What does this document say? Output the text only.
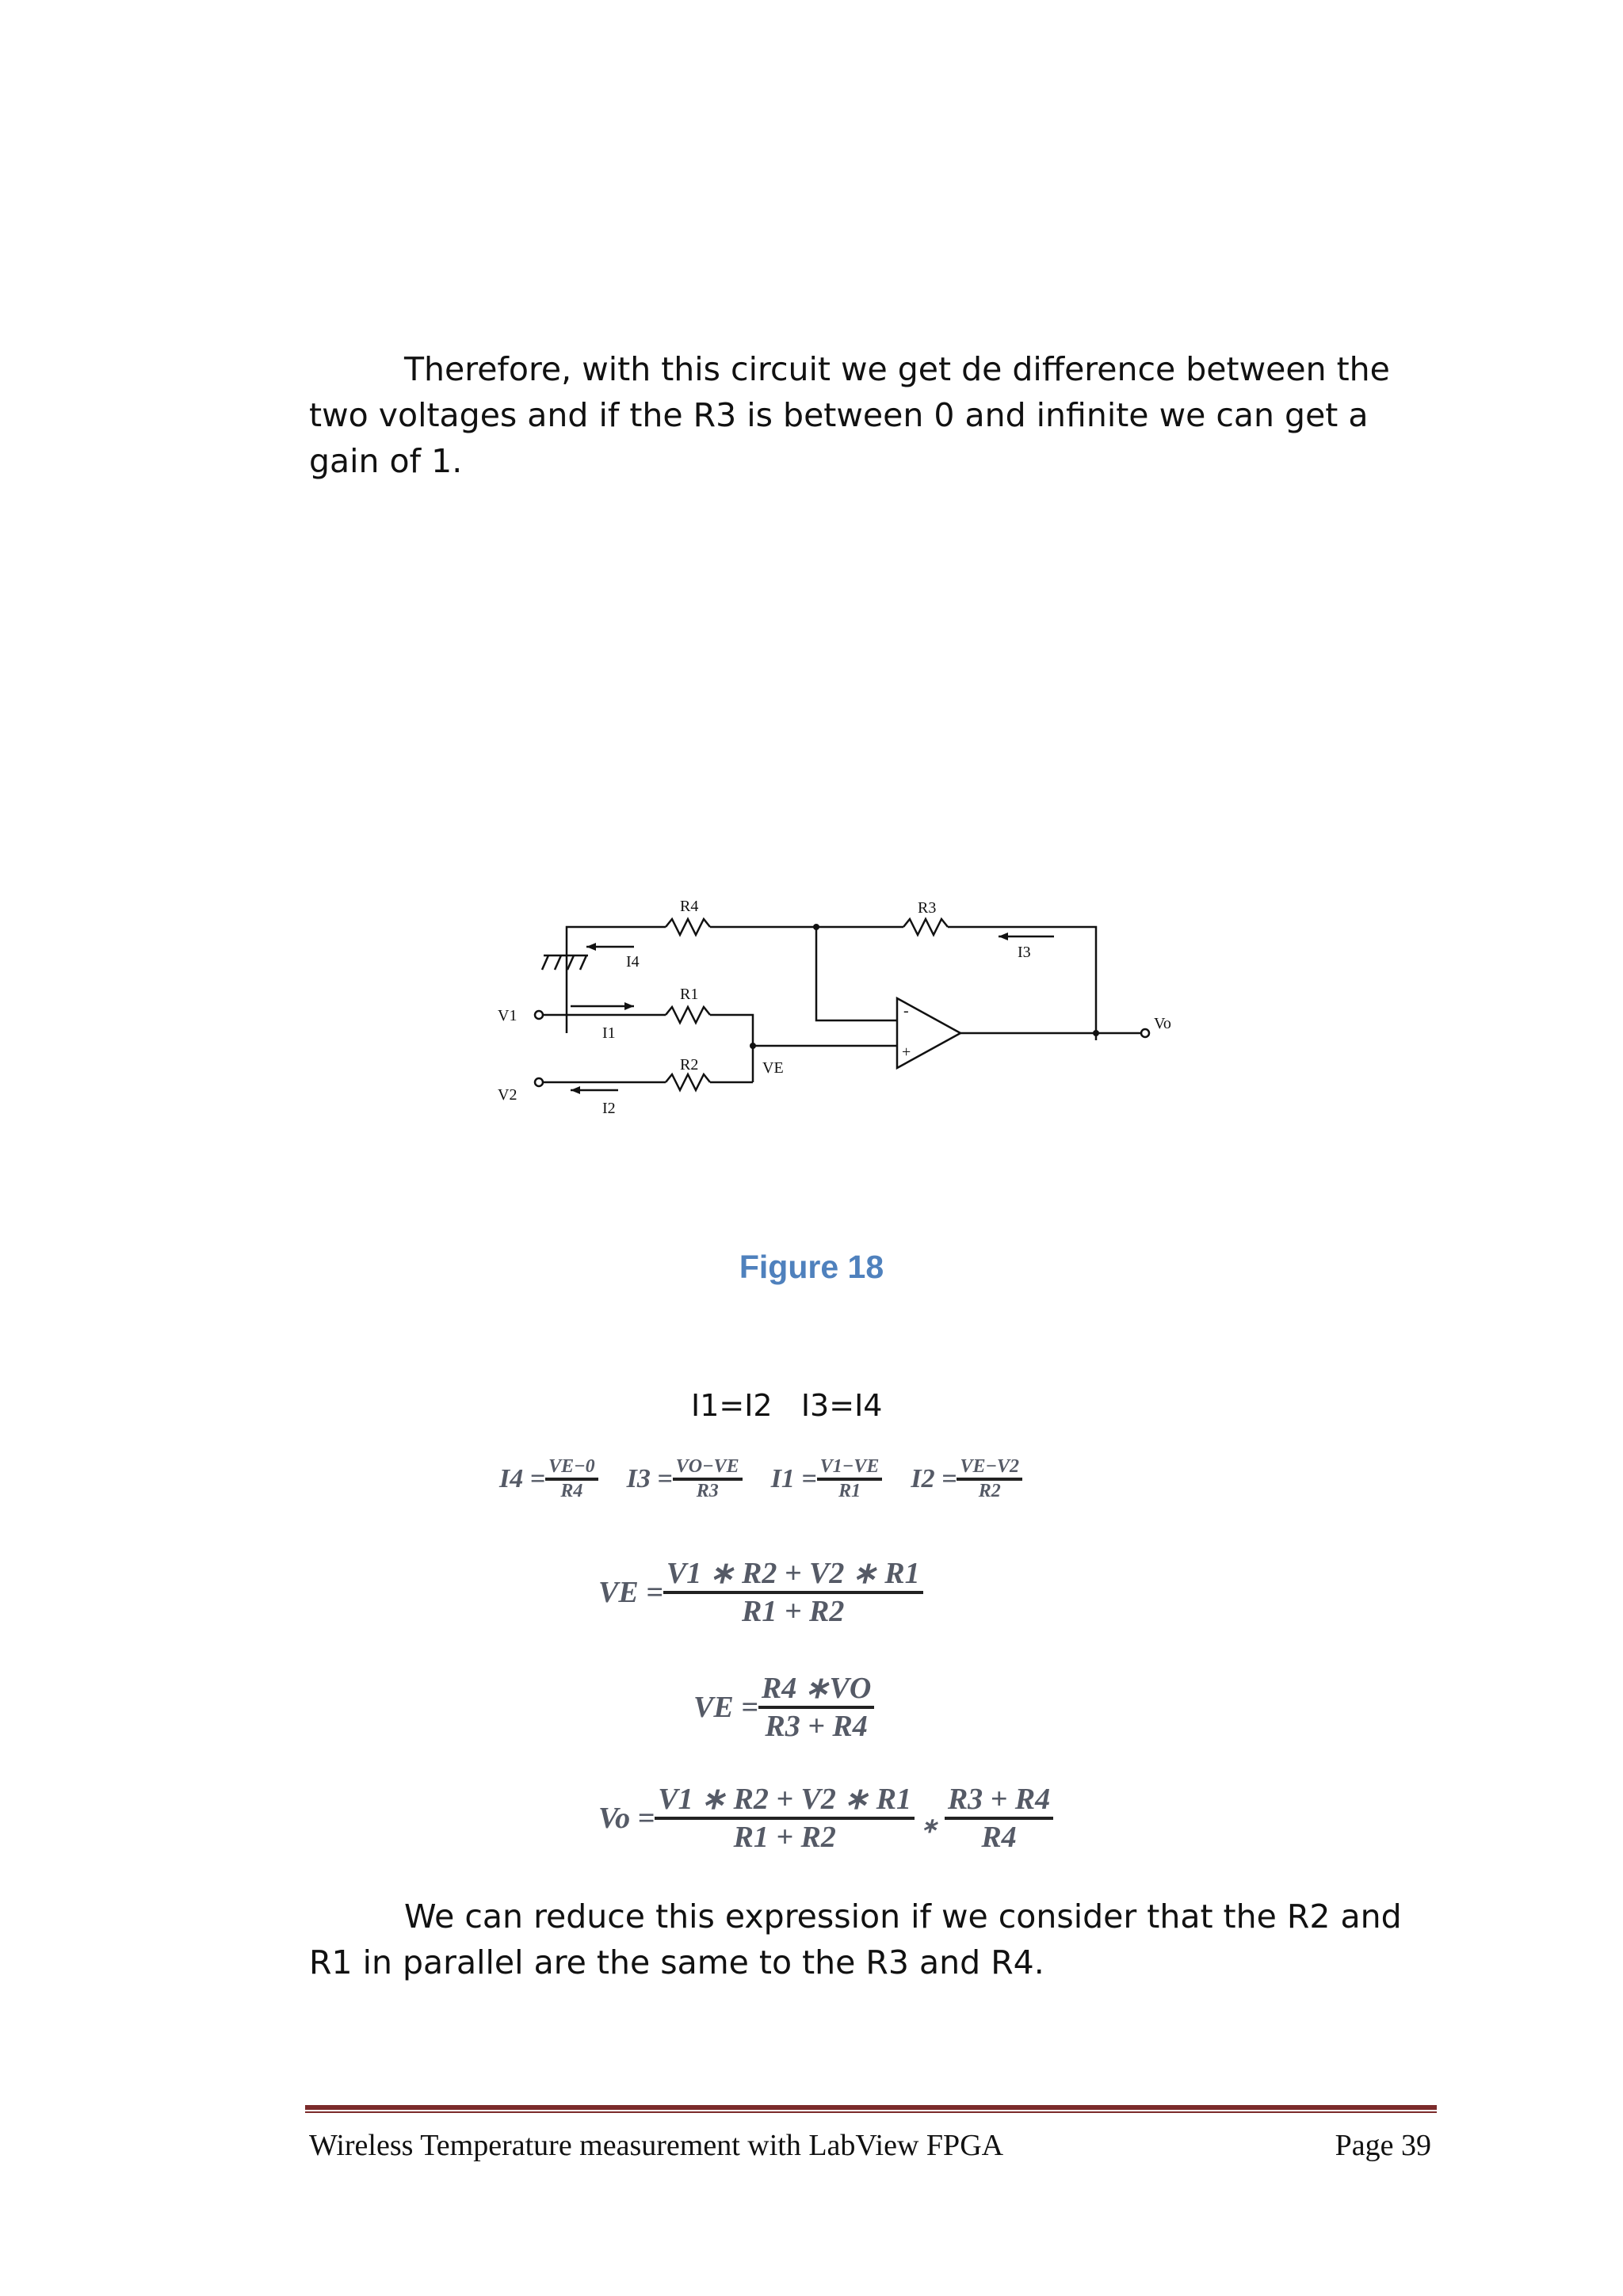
Therefore, with this circuit we get de difference between the two voltages and if the R3 is between 0 and infinite we can get a gain of 1.

R4	R3
R1
R2
I4
I3
I1
I2
V1
V2
VE
Vo
-
+
Figure 18
I1=I2   I3=I4
$I4 = \frac{VE-0}{R4} I3 = \frac{VO-VE}{R3} I1 = \frac{V1-VE}{R1} I2 = \frac{VE-V2}{R2}$
VE = $\frac{V1 ∗ R2 + V2 ∗ R1}{R1 + R2}$
VE = $\frac{R4 ∗VO}{R3 + R4}$
$Vo = \frac{V1 ∗ R2 + V2 ∗ R1}{R1 + R2}$ ∗ $\frac{R3 + R4}{R4}$

We can reduce this expression if we consider that the R2 and R1 in parallel are the same to the R3 and R4.

Wireless Temperature measurement with LabView FPGA	Page 39
